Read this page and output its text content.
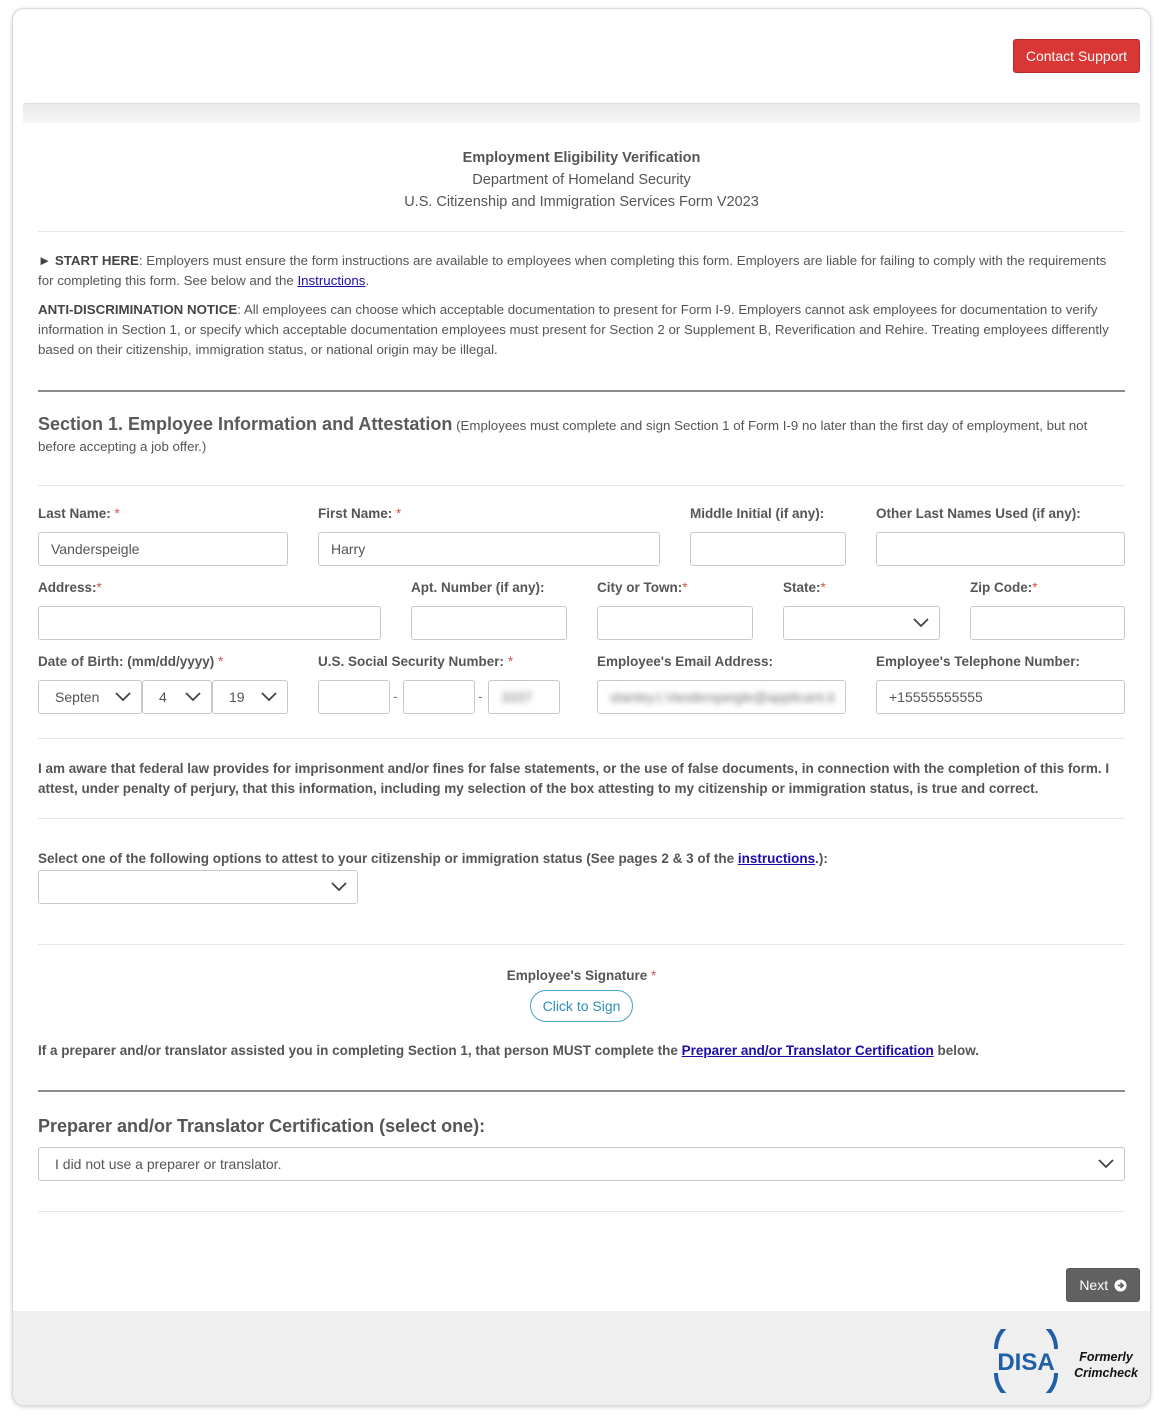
Contact Support
Employment Eligibility Verification
Department of Homeland Security
U.S. Citizenship and Immigration Services Form V2023

► START HERE: Employers must ensure the form instructions are available to employees when completing this form. Employers are liable for failing to comply with the requirements for completing this form. See below and the Instructions.

ANTI-DISCRIMINATION NOTICE: All employees can choose which acceptable documentation to present for Form I-9. Employers cannot ask employees for documentation to verify information in Section 1, or specify which acceptable documentation employees must present for Section 2 or Supplement B, Reverification and Rehire. Treating employees differently based on their citizenship, immigration status, or national origin may be illegal.

Section 1. Employee Information and Attestation (Employees must complete and sign Section 1 of Form I-9 no later than the first day of employment, but not before accepting a job offer.)

Last Name: *
Vanderspeigle
First Name: *
Harry
Middle Initial (if any):	Other Last Names Used (if any):
Address:*	Apt. Number (if any):	City or Town:*	State:*	Zip Code:*
Date of Birth: (mm/dd/yyyy) *
Septen	4	19
U.S. Social Security Number: *
-	-	3337
Employee's Email Address:
stanley.t.Vanderspeigle@applicant.it
Employee's Telephone Number:
+15555555555

I am aware that federal law provides for imprisonment and/or fines for false statements, or the use of false documents, in connection with the completion of this form. I attest, under penalty of perjury, that this information, including my selection of the box attesting to my citizenship or immigration status, is true and correct.

Select one of the following options to attest to your citizenship or immigration status (See pages 2 & 3 of the instructions.):

Employee's Signature *
Click to Sign

If a preparer and/or translator assisted you in completing Section 1, that person MUST complete the Preparer and/or Translator Certification below.

Preparer and/or Translator Certification (select one):

I did not use a preparer or translator.
Next
DISA	Formerly
Crimcheck
